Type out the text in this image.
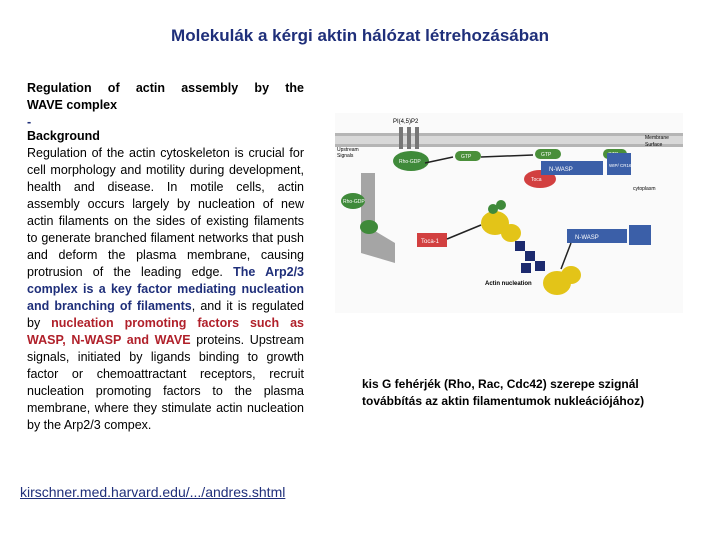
Molekulák a kérgi aktin hálózat létrehozásában
Regulation of actin assembly by the
WAVE complex
-
Background
Regulation of the actin cytoskeleton is crucial for cell morphology and motility during development, health and disease. In motile cells, actin assembly occurs largely by nucleation of new actin filaments on the sides of existing filaments to generate branched filament networks that push and deform the plasma membrane, causing protrusion of the leading edge. The Arp2/3 complex is a key factor mediating nucleation and branching of filaments, and it is regulated by nucleation promoting factors such as WASP, N-WASP and WAVE proteins. Upstream signals, initiated by ligands binding to growth factor or chemoattractant receptors, recruit nucleation promoting factors to the plasma membrane, where they stimulate actin nucleation by the Arp2/3 compex.
kirschner.med.harvard.edu/.../andres.shtml
PI(4,5)P2
Upstream
Signals
Membrane
Surface
cytoplasm
Rho-GDP
GTP	GTP
Toca
N-WASP
WIP/ CR16
Rho-GDP
Toca-1
N-WASP
Actin nucleation
kis G fehérjék (Rho, Rac, Cdc42) szerepe szignál továbbítás az aktin filamentumok nukleációjához)
